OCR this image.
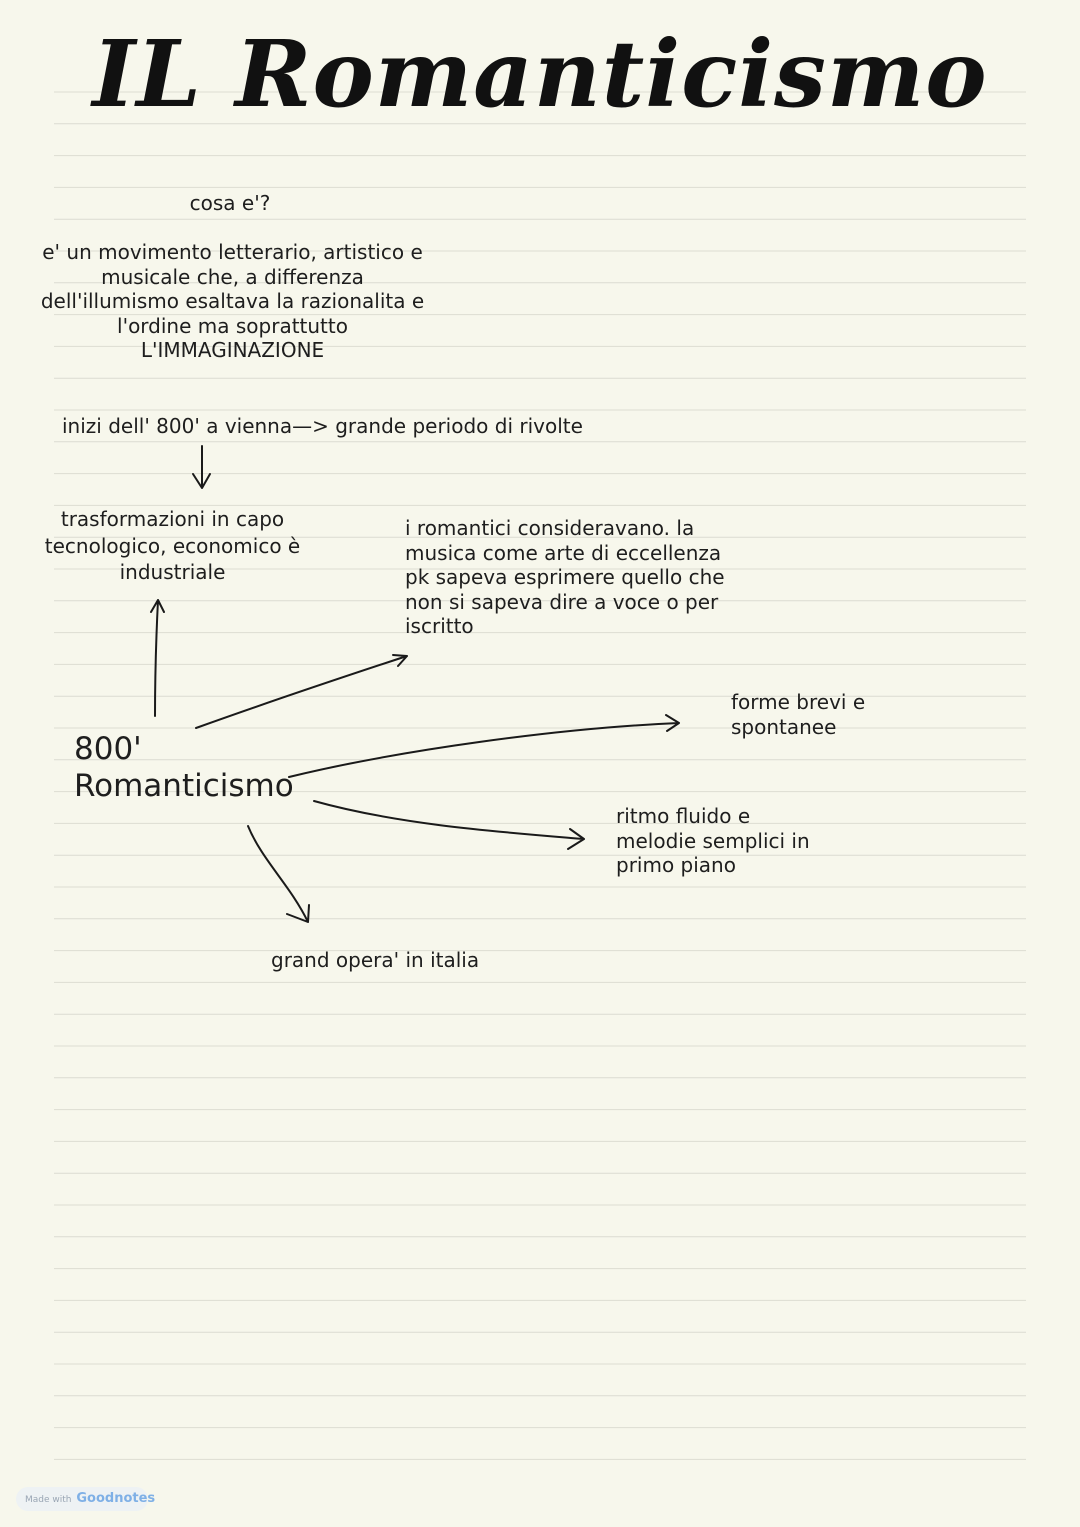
IL Romanticismo
cosa e'?
e' un movimento letterario, artistico e
musicale che, a differenza
dell'illumismo esaltava la razionalita e
l'ordine ma soprattutto
L'IMMAGINAZIONE
inizi dell' 800' a vienna—> grande periodo di rivolte
trasformazioni in capo
tecnologico, economico è
industriale
i romantici consideravano. la
musica come arte di eccellenza
pk sapeva esprimere quello che
non si sapeva dire a voce o per
iscritto
800'
Romanticismo
forme brevi e
spontanee
ritmo fluido e
melodie semplici in
primo piano
grand opera' in italia
Made with Goodnotes
